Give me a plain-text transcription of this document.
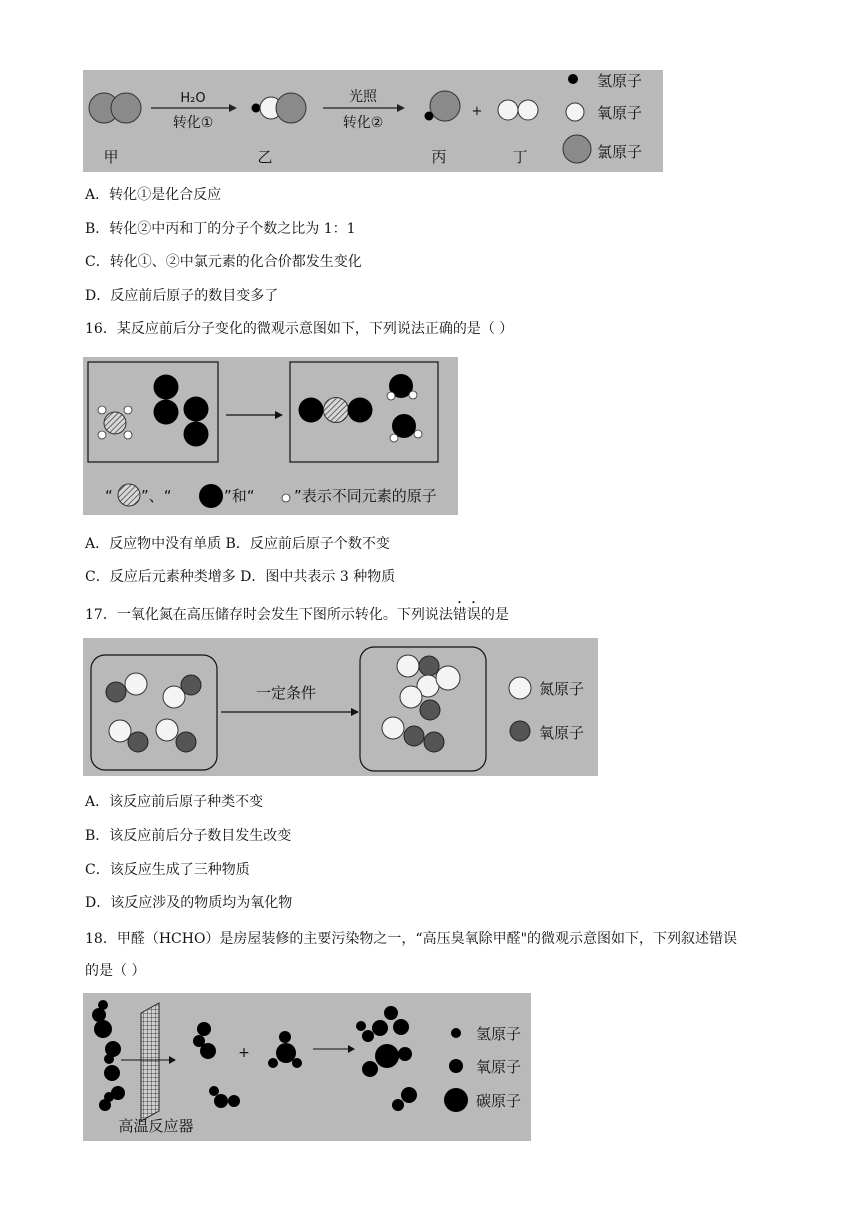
H₂O
转化①
光照
转化②
+
甲	乙	丙	丁
氢原子
氧原子
氯原子
A．转化①是化合反应
B．转化②中丙和丁的分子个数之比为 1：1
C．转化①、②中氯元素的化合价都发生变化
D．反应前后原子的数目变多了
16．某反应前后分子变化的微观示意图如下，下列说法正确的是（ ）
“ ”、“	”和“	”表示不同元素的原子
A．反应物中没有单质 B．反应前后原子个数不变
C．反应后元素种类增多 D．图中共表示 3 种物质
17．一氧化氮在高压储存时会发生下图所示转化。下列说法错误的是
一定条件	氮原子
氧原子
A．该反应前后原子种类不变
B．该反应前后分子数目发生改变
C．该反应生成了三种物质
D．该反应涉及的物质均为氧化物
18．甲醛（HCHO）是房屋装修的主要污染物之一，“高压臭氧除甲醛"的微观示意图如下，下列叙述错误
的是（ ）
+
高温反应器
氢原子
氧原子
碳原子
